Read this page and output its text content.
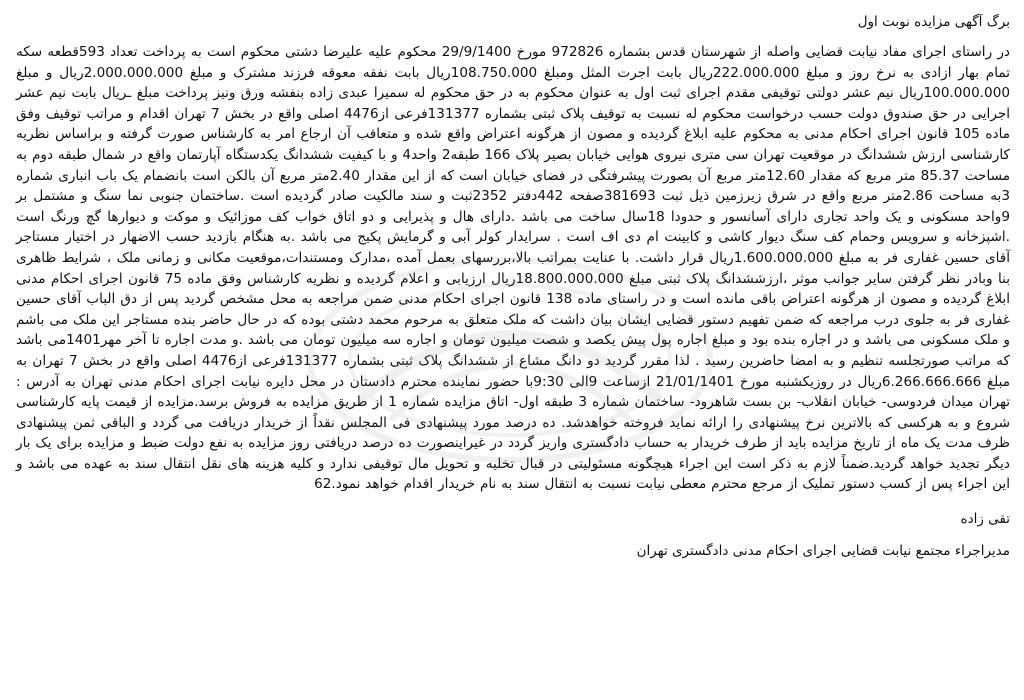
برگ آگهی مزایده نوبت اول

در راستای اجرای مفاد نیابت قضایی واصله از شهرستان قدس بشماره 972826 مورخ 29/9/1400 محکوم علیه علیرضا دشتی محکوم است به پرداخت تعداد 593قطعه سکه تمام بهار ازادی به نرخ روز و مبلغ 222.000.000ریال بابت اجرت المثل ومبلغ 108.750.000ریال بابت نفقه معوقه فرزند مشترک و مبلغ 2.000.000.000ریال و مبلغ 100.000.000ریال نیم عشر دولتی توقیفی مقدم اجرای ثبت اول به عنوان محکوم به در حق محکوم له سمیرا عبدی زاده بنفشه ورق ونیز پرداخت مبلغ ـریال بابت نیم عشر اجرایی در حق صندوق دولت حسب درخواست محکوم له نسبت به توقیف پلاک ثبتی بشماره 131377فرعی از4476 اصلی واقع در بخش 7 تهران اقدام و مراتب توقیف وفق ماده 105 قانون اجرای احکام مدنی به محکوم علیه ابلاغ گردیده و مصون از هرگونه اعتراض واقع شده و متعاقب آن ارجاع امر به کارشناس صورت گرفته و براساس نظریه کارشناسی ارزش ششدانگ در موقعیت تهران سی متری نیروی هوایی خیابان بصیر پلاک 166 طبقه2 واحد4 و با کیفیت ششدانگ یکدستگاه آپارتمان واقع در شمال طبقه دوم به مساحت 85.37 متر مربع که مقدار 12.60متر مربع آن بصورت پیشرفتگی در فضای خیابان است که از این مقدار 2.40متر مربع آن بالکن است بانضمام یک باب انباری شماره 3به مساحت 2.86متر مربع واقع در شرق زیرزمین ذیل ثبت 381693صفحه 442دفتر 2352ثبت و سند مالکیت صادر گردیده است .ساختمان جنوبی نما سنگ و مشتمل بر 9واحد مسکونی و یک واحد تجاری دارای آسانسور و حدودا 18سال ساخت می باشد .دارای هال و پذیرایی و دو اتاق خواب کف موزائیک و موکت و دیوارها گچ ورنگ است .اشپزخانه و سرویس وحمام کف سنگ دیوار کاشی و کابینت ام دی اف است . سرایدار کولر آبی و گرمایش پکیج می باشد .به هنگام بازدید حسب الاضهار در اختیار مستاجر آقای حسین غفاری فر به مبلغ 1.600.000.000ریال قرار داشت. با عنایت بمراتب بالا،بررسهای بعمل آمده ،مدارک ومستندات،موقعیت مکانی و زمانی ملک ، شرایط ظاهری بنا وبادر نظر گرفتن سایر جوانب موثر ،ارزششدانگ پلاک ثبتی مبلغ 18.800.000.000ریال ارزیابی و اعلام گردیده و نظریه کارشناس وفق ماده 75 قانون اجرای احکام مدنی ابلاغ گردیده و مصون از هرگونه اعتراض باقی مانده است و در راستای ماده 138 قانون اجرای احکام مدنی ضمن مراجعه به محل مشخص گردید پس از دق الباب آقای حسین غفاری فر به جلوی درب مراجعه که ضمن تفهیم دستور قضایی ایشان بیان داشت که ملک متعلق به مرحوم محمد دشتی بوده که در حال حاضر بنده مستاجر این ملک می باشم و ملک مسکونی می باشد و در اجاره بنده بود و مبلغ اجاره پول پیش یکصد و شصت میلیون تومان و اجاره سه میلیون تومان می باشد .و مدت اجاره تا آخر مهر1401می باشد که مراتب صورتجلسه تنظیم و به امضا حاضرین رسید . لذا مقرر گردید دو دانگ مشاع از ششدانگ پلاک ثبتی بشماره 131377فرعی از4476 اصلی واقع در بخش 7 تهران به مبلغ 6.266.666.666ریال در روزیکشنبه مورخ 21/01/1401 ازساعت 9الی 9:30با حضور نماینده محترم دادستان در محل دایره نیابت اجرای احکام مدنی تهران به آدرس : تهران میدان فردوسی- خیابان انقلاب- بن بست شاهرود- ساختمان شماره 3 طبقه اول- اتاق مزایده شماره 1 از طریق مزایده به فروش برسد.مزایده از قیمت پایه کارشناسی شروع و به هرکسی که بالاترین نرخ پیشنهادی را ارائه نماید فروخته خواهدشد. ده درصد مورد پیشنهادی فی المجلس نقداً از خریدار دریافت می گردد و الباقی ثمن پیشنهادی ظرف مدت یک ماه از تاریخ مزایده باید از طرف خریدار به حساب دادگستری واریز گردد در غیراینصورت ده درصد دریافتی روز مزایده به نفع دولت ضبط و مزایده برای یک بار دیگر تجدید خواهد گردید.ضمناً لازم به ذکر است این اجراء هیچگونه مسئولیتی در قبال تخلیه و تحویل مال توقیفی ندارد و کلیه هزینه های نقل انتقال سند به عهده می باشد و این اجراء پس از کسب دستور تملیک از مرجع محترم معطی نیابت نسبت به انتقال سند به نام خریدار اقدام خواهد نمود.62

تقی زاده
مدیراجراء مجتمع نیابت قضایی اجرای احکام مدنی دادگستری تهران
